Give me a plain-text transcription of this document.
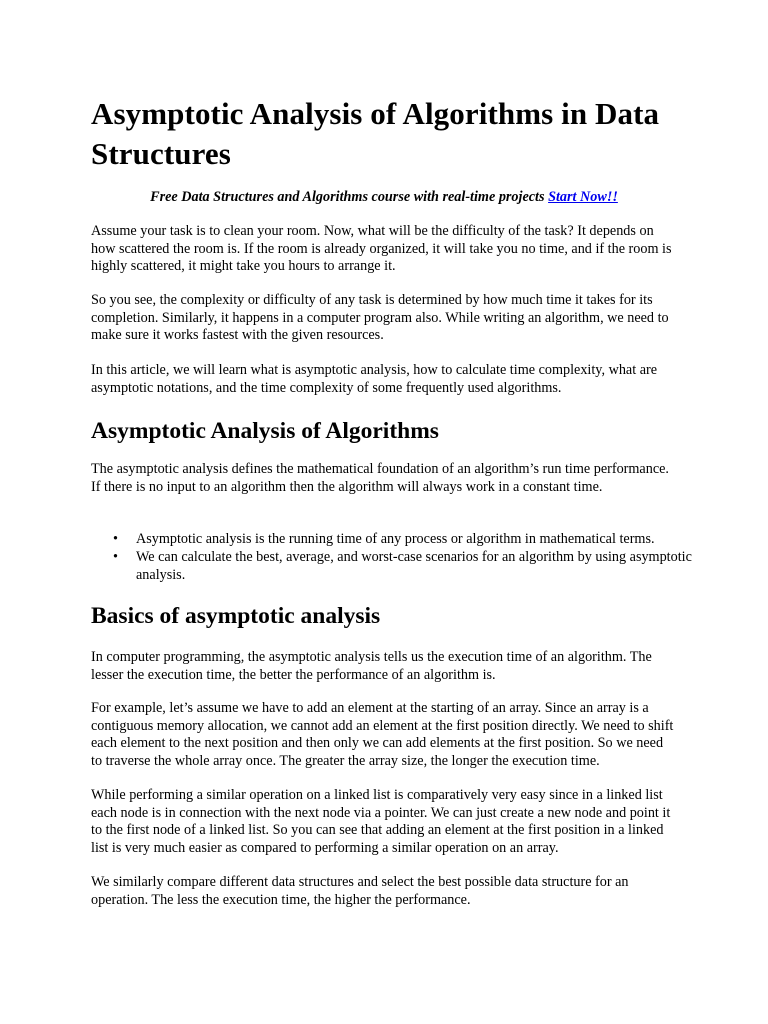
Asymptotic Analysis of Algorithms in Data Structures

Free Data Structures and Algorithms course with real-time projects Start Now!!

Assume your task is to clean your room. Now, what will be the difficulty of the task? It depends on how scattered the room is. If the room is already organized, it will take you no time, and if the room is highly scattered, it might take you hours to arrange it.

So you see, the complexity or difficulty of any task is determined by how much time it takes for its completion. Similarly, it happens in a computer program also. While writing an algorithm, we need to make sure it works fastest with the given resources.

In this article, we will learn what is asymptotic analysis, how to calculate time complexity, what are asymptotic notations, and the time complexity of some frequently used algorithms.

Asymptotic Analysis of Algorithms

The asymptotic analysis defines the mathematical foundation of an algorithm’s run time performance. If there is no input to an algorithm then the algorithm will always work in a constant time.

• Asymptotic analysis is the running time of any process or algorithm in mathematical terms.
• We can calculate the best, average, and worst-case scenarios for an algorithm by using asymptotic analysis.
Basics of asymptotic analysis

In computer programming, the asymptotic analysis tells us the execution time of an algorithm. The lesser the execution time, the better the performance of an algorithm is.

For example, let’s assume we have to add an element at the starting of an array. Since an array is a contiguous memory allocation, we cannot add an element at the first position directly. We need to shift each element to the next position and then only we can add elements at the first position. So we need to traverse the whole array once. The greater the array size, the longer the execution time.

While performing a similar operation on a linked list is comparatively very easy since in a linked list each node is in connection with the next node via a pointer. We can just create a new node and point it to the first node of a linked list. So you can see that adding an element at the first position in a linked list is very much easier as compared to performing a similar operation on an array.

We similarly compare different data structures and select the best possible data structure for an operation. The less the execution time, the higher the performance.
